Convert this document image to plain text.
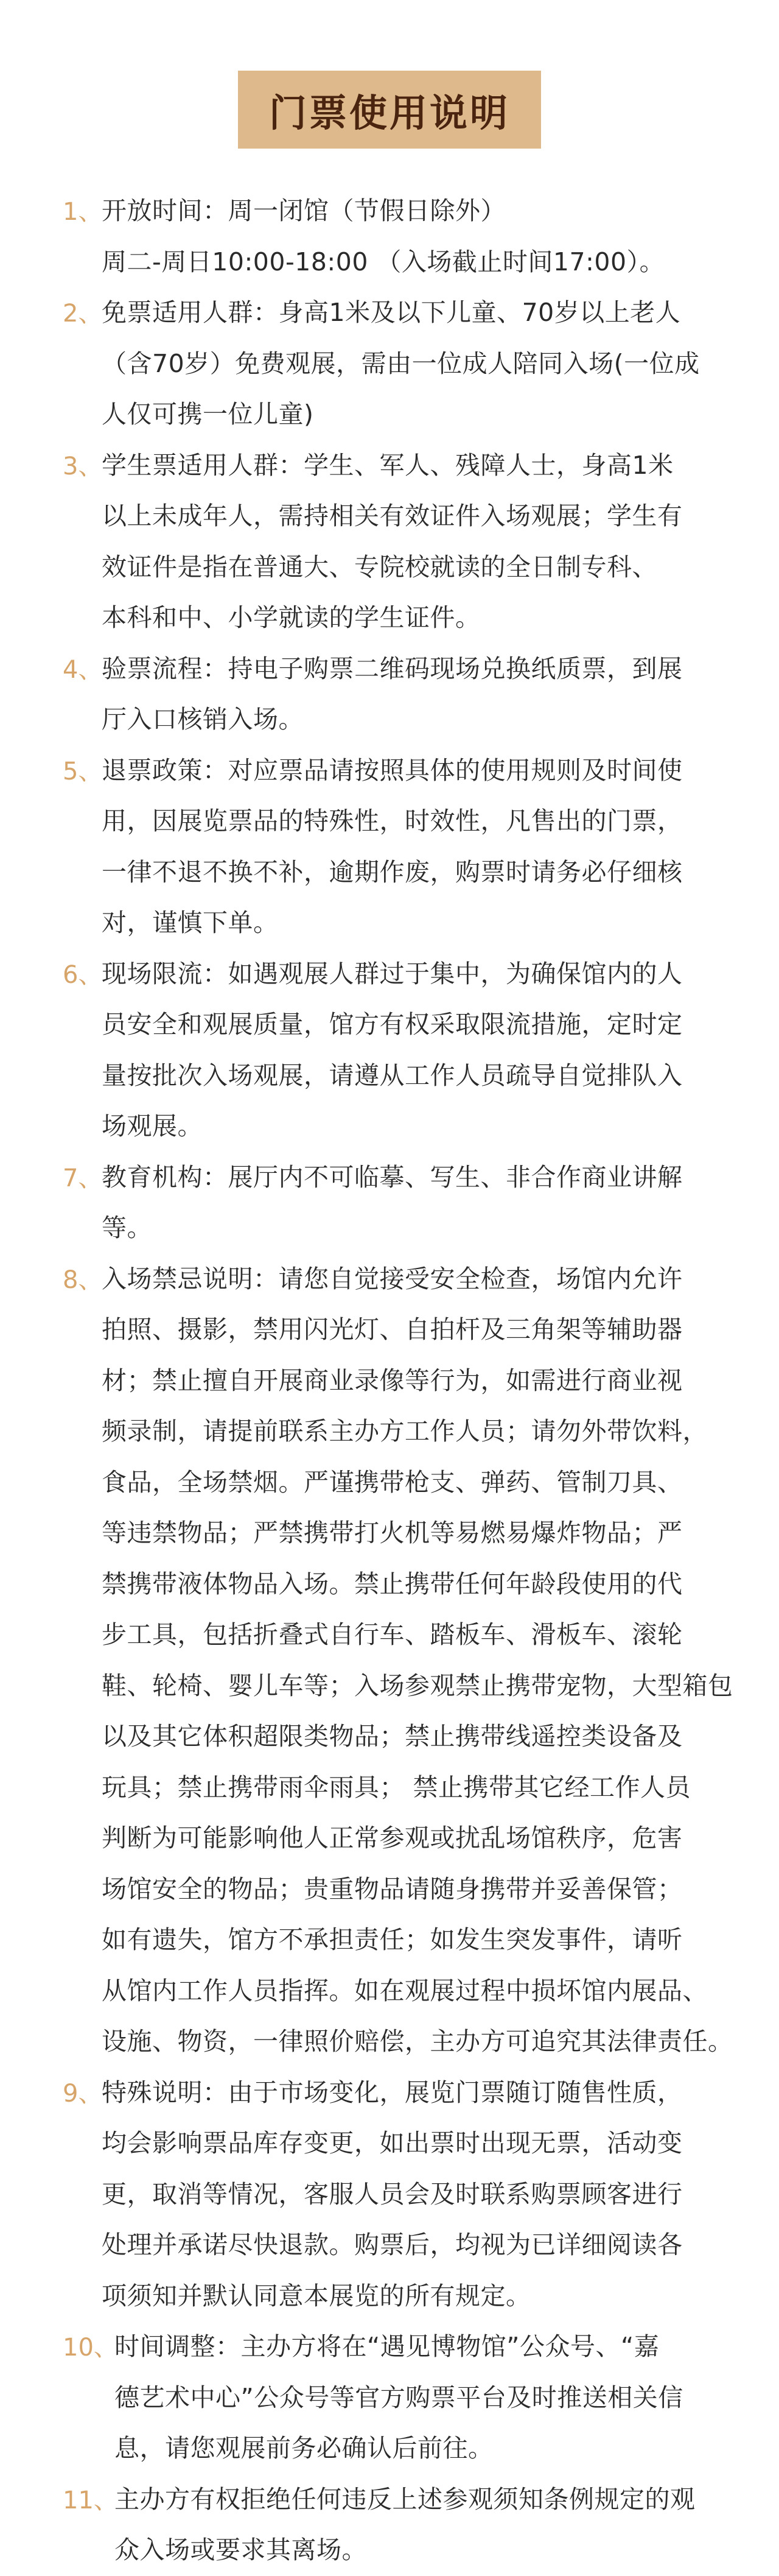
门票使用说明
1、
开放时间：周一闭馆（节假日除外）
周二-周日10:00-18:00 （入场截止时间17:00）。
2、
免票适用人群：身高1米及以下儿童、70岁以上老人
（含70岁）免费观展，需由一位成人陪同入场(一位成
人仅可携一位儿童)
3、
学生票适用人群：学生、军人、残障人士，身高1米
以上未成年人，需持相关有效证件入场观展；学生有
效证件是指在普通大、专院校就读的全日制专科、
本科和中、小学就读的学生证件。
4、
验票流程：持电子购票二维码现场兑换纸质票，到展
厅入口核销入场。
5、
退票政策：对应票品请按照具体的使用规则及时间使
用，因展览票品的特殊性，时效性，凡售出的门票，
一律不退不换不补，逾期作废，购票时请务必仔细核
对，谨慎下单。
6、
现场限流：如遇观展人群过于集中，为确保馆内的人
员安全和观展质量，馆方有权采取限流措施，定时定
量按批次入场观展，请遵从工作人员疏导自觉排队入
场观展。
7、
教育机构：展厅内不可临摹、写生、非合作商业讲解
等。
8、
入场禁忌说明：请您自觉接受安全检查，场馆内允许
拍照、摄影，禁用闪光灯、自拍杆及三角架等辅助器
材；禁止擅自开展商业录像等行为，如需进行商业视
频录制，请提前联系主办方工作人员；请勿外带饮料，
食品，全场禁烟。严谨携带枪支、弹药、管制刀具、
等违禁物品；严禁携带打火机等易燃易爆炸物品；严
禁携带液体物品入场。禁止携带任何年龄段使用的代
步工具，包括折叠式自行车、踏板车、滑板车、滚轮
鞋、轮椅、婴儿车等；入场参观禁止携带宠物，大型箱包
以及其它体积超限类物品；禁止携带线遥控类设备及
玩具；禁止携带雨伞雨具； 禁止携带其它经工作人员
判断为可能影响他人正常参观或扰乱场馆秩序，危害
场馆安全的物品；贵重物品请随身携带并妥善保管；
如有遗失，馆方不承担责任；如发生突发事件，请听
从馆内工作人员指挥。如在观展过程中损坏馆内展品、
设施、物资，一律照价赔偿，主办方可追究其法律责任。
9、
特殊说明：由于市场变化，展览门票随订随售性质，
均会影响票品库存变更，如出票时出现无票，活动变
更，取消等情况，客服人员会及时联系购票顾客进行
处理并承诺尽快退款。购票后，均视为已详细阅读各
项须知并默认同意本展览的所有规定。
10、
时间调整：主办方将在“遇见博物馆”公众号、“嘉
德艺术中心”公众号等官方购票平台及时推送相关信
息，请您观展前务必确认后前往。
11、
主办方有权拒绝任何违反上述参观须知条例规定的观
众入场或要求其离场。
